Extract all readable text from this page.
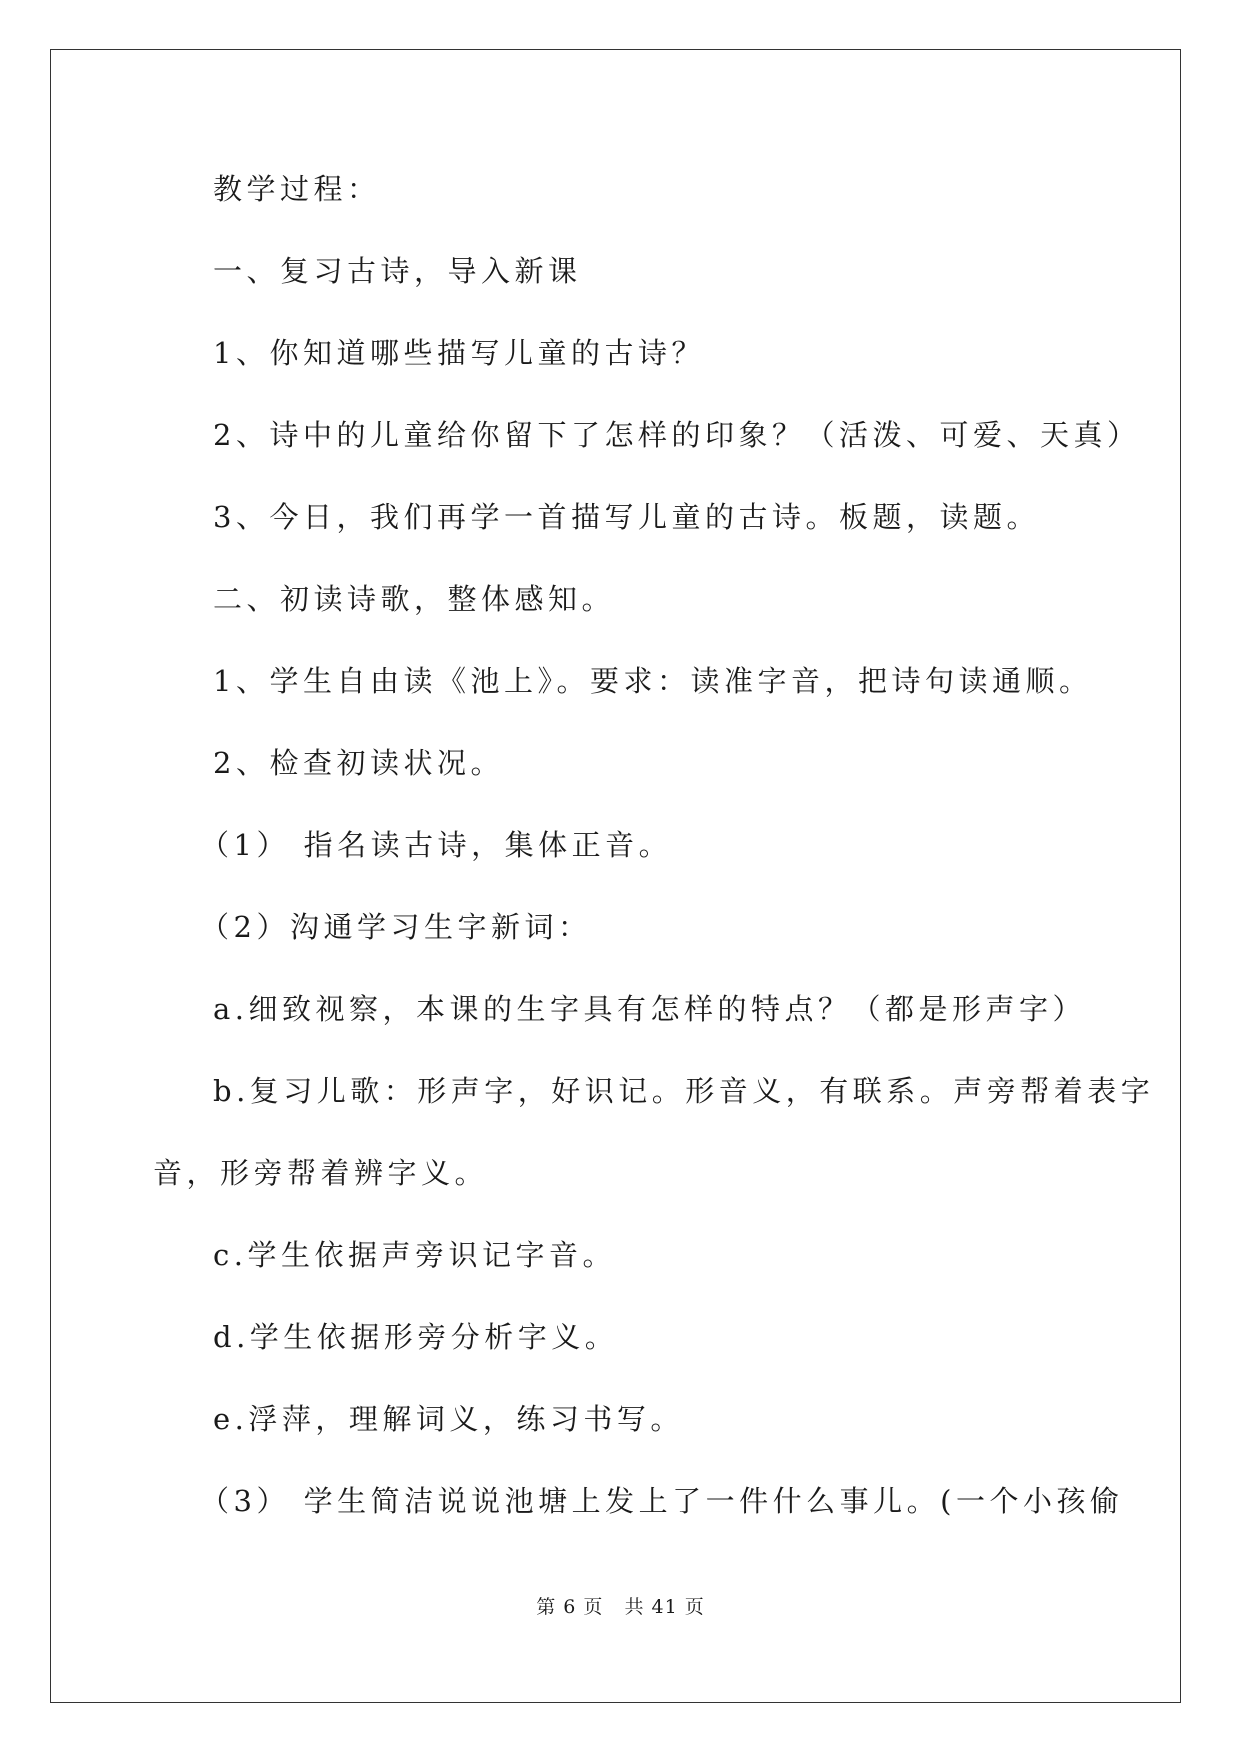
教学过程：
一、复习古诗，导入新课
1、你知道哪些描写儿童的古诗？
2、诗中的儿童给你留下了怎样的印象？（活泼、可爱、天真）
3、今日，我们再学一首描写儿童的古诗。板题，读题。
二、初读诗歌，整体感知。
1、学生自由读《池上》。要求：读准字音，把诗句读通顺。
2、检查初读状况。
（1） 指名读古诗，集体正音。
（2）沟通学习生字新词：
a.细致视察，本课的生字具有怎样的特点？（都是形声字）
b.复习儿歌：形声字，好识记。形音义，有联系。声旁帮着表字
音，形旁帮着辨字义。
c.学生依据声旁识记字音。
d.学生依据形旁分析字义。
e.浮萍，理解词义，练习书写。
（3） 学生简洁说说池塘上发上了一件什么事儿。(一个小孩偷
第 6 页   共 41 页
